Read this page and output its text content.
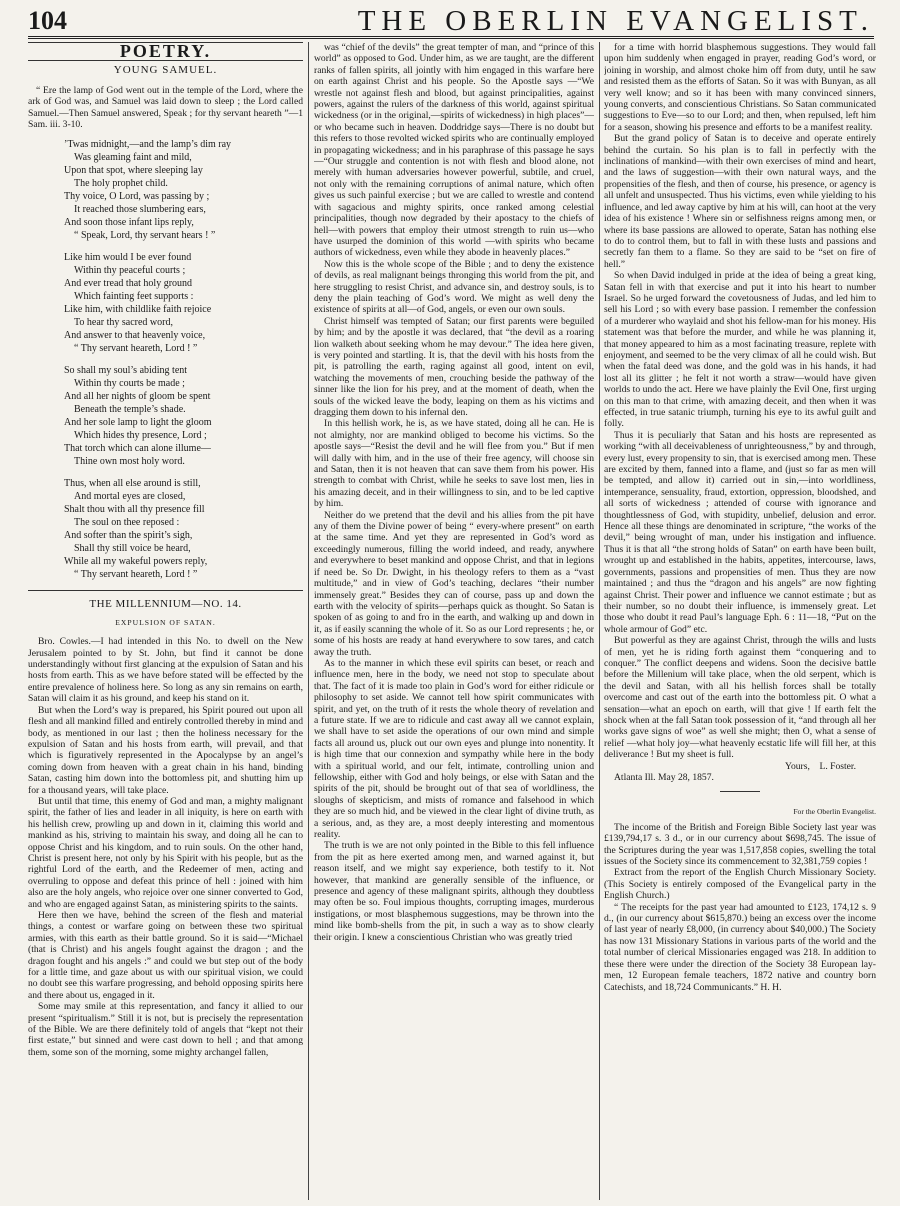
104	THE OBERLIN EVANGELIST.
POETRY.
YOUNG SAMUEL.
“ Ere the lamp of God went out in the temple of the Lord, where the ark of God was, and Samuel was laid down to sleep ; the Lord called Samuel.—Then Samuel answered, Speak ; for thy servant heareth ”—1 Sam. iii. 3-10.
’Twas midnight,—and the lamp’s dim ray
Was gleaming faint and mild,
Upon that spot, where sleeping lay
The holy prophet child.
Thy voice, O Lord, was passing by ;
It reached those slumbering ears,
And soon those infant lips reply,
“ Speak, Lord, thy servant hears ! ”
Like him would I be ever found
Within thy peaceful courts ;
And ever tread that holy ground
Which fainting feet supports :
Like him, with childlike faith rejoice
To hear thy sacred word,
And answer to that heavenly voice,
“ Thy servant heareth, Lord ! ”
So shall my soul’s abiding tent
Within thy courts be made ;
And all her nights of gloom be spent
Beneath the temple’s shade.
And her sole lamp to light the gloom
Which hides thy presence, Lord ;
That torch which can alone illume—
Thine own most holy word.
Thus, when all else around is still,
And mortal eyes are closed,
Shalt thou with all thy presence fill
The soul on thee reposed :
And softer than the spirit’s sigh,
Shall thy still voice be heard,
While all my wakeful powers reply,
“ Thy servant heareth, Lord ! ”
THE MILLENNIUM—NO. 14.
EXPULSION OF SATAN.

Bro. Cowles.—I had intended in this No. to dwell on the New Jerusalem pointed to by St. John, but find it cannot be done understandingly without first glancing at the expulsion of Satan and his hosts from earth. This as we have before stated will be effected by the entire prevalence of holiness here. So long as any sin remains on earth, Satan will claim it as his ground, and keep his stand on it.

But when the Lord’s way is prepared, his Spirit poured out upon all flesh and all mankind filled and entirely controlled thereby in mind and body, as mentioned in our last ; then the holiness necessary for the expulsion of Satan and his hosts from earth, will prevail, and that which is figuratively represented in the Apocalypse by an angel’s coming down from heaven with a great chain in his hand, binding Satan, casting him down into the bottomless pit, and shutting him up for a thousand years, will take place.

But until that time, this enemy of God and man, a mighty malignant spirit, the father of lies and leader in all iniquity, is here on earth with his hellish crew, prowling up and down in it, claiming this world and mankind as his, striving to maintain his sway, and doing all he can to oppose Christ and his kingdom, and to ruin souls. On the other hand, Christ is present here, not only by his Spirit with his people, but as the rightful Lord of the earth, and the Redeemer of men, acting and overruling to oppose and defeat this prince of hell : joined with him also are the holy angels, who rejoice over one sinner converted to God, and who are engaged against Satan, as ministering spirits to the saints.

Here then we have, behind the screen of the flesh and material things, a contest or warfare going on between these two spiritual armies, with this earth as their battle ground. So it is said—“Michael (that is Christ) and his angels fought against the dragon ; and the dragon fought and his angels :” and could we but step out of the body for a little time, and gaze about us with our spiritual vision, we could no doubt see this warfare progressing, and behold opposing spirits here and there about us, engaged in it.

Some may smile at this representation, and fancy it allied to our present “spiritualism.” Still it is not, but is precisely the representation of the Bible. We are there definitely told of angels that “kept not their first estate,” but sinned and were cast down to hell ; and that among them, some son of the morning, some mighty archangel fallen,

was “chief of the devils” the great tempter of man, and “prince of this world” as opposed to God. Under him, as we are taught, are the different ranks of fallen spirits, all jointly with him engaged in this warfare here on earth against Christ and his people. So the Apostle says —“We wrestle not against flesh and blood, but against principalities, against powers, against the rulers of the darkness of this world, against spiritual wickedness (or in the original,—spirits of wickedness) in high places”—or who became such in heaven. Doddridge says—There is no doubt but this refers to those revolted wicked spirits who are continually employed in propagating wickedness; and in his paraphrase of this passage he says—“Our struggle and contention is not with flesh and blood alone, not merely with human adversaries however powerful, subtile, and cruel, not only with the remaining corruptions of animal nature, which often gives us such painful exercise ; but we are called to wrestle and contend with sagacious and mighty spirits, once ranked among celestial principalities, though now degraded by their apostacy to the chiefs of hell—with powers that employ their utmost strength to ruin us—who have usurped the dominion of this world —with spirits who became authors of wickedness, even while they abode in heavenly places.”

Now this is the whole scope of the Bible ; and to deny the existence of devils, as real malignant beings thronging this world from the pit, and here struggling to resist Christ, and advance sin, and destroy souls, is to deny the plain teaching of God’s word. We might as well deny the existence of spirits at all—of God, angels, or even our own souls.

Christ himself was tempted of Satan; our first parents were beguiled by him; and by the apostle it was declared, that “the devil as a roaring lion walketh about seeking whom he may devour.” The idea here given, is very pointed and startling. It is, that the devil with his hosts from the pit, is patrolling the earth, raging against all good, intent on evil, watching the movements of men, crouching beside the pathway of the sinner like the lion for his prey, and at the moment of death, when the souls of the wicked leave the body, leaping on them as his victims and dragging them down to his infernal den.

In this hellish work, he is, as we have stated, doing all he can. He is not almighty, nor are mankind obliged to become his victims. So the apostle says—“Resist the devil and he will flee from you.” But if men will dally with him, and in the use of their free agency, will choose sin and Satan, then it is not heaven that can save them from his power. His strength to combat with Christ, while he seeks to save lost men, lies in his amazing deceit, and in their willingness to sin, and to be led captive by him.

Neither do we pretend that the devil and his allies from the pit have any of them the Divine power of being “ every-where present” on earth at the same time. And yet they are represented in God’s word as exceedingly numerous, filling the world indeed, and ready, anywhere and everywhere to beset mankind and oppose Christ, and that in legions if need be. So Dr. Dwight, in his theology refers to them as a “vast multitude,” and in view of God’s teaching, declares “their number immensely great.” Besides they can of course, pass up and down the earth with the velocity of spirits—perhaps quick as thought. So Satan is spoken of as going to and fro in the earth, and walking up and down in it, as if easily scanning the whole of it. So as our Lord represents ; he, or some of his hosts are ready at hand everywhere to sow tares, and catch away the truth.

As to the manner in which these evil spirits can beset, or reach and influence men, here in the body, we need not stop to speculate about that. The fact of it is made too plain in God’s word for either ridicule or philosophy to set aside. We cannot tell how spirit communicates with spirit, and yet, on the truth of it rests the whole theory of revelation and a future state. If we are to ridicule and cast away all we cannot explain, we shall have to set aside the operations of our own mind and simple facts all around us, pluck out our own eyes and plunge into nonentity. It is high time that our connexion and sympathy while here in the body with a spiritual world, and our felt, intimate, controlling union and fellowship, either with God and holy beings, or else with Satan and the spirits of the pit, should be brought out of that sea of worldliness, the sloughs of skepticism, and mists of romance and falsehood in which they are so much hid, and be viewed in the clear light of divine truth, as a serious, and, as they are, a most deeply interesting and momentous reality.

The truth is we are not only pointed in the Bible to this fell influence from the pit as here exerted among men, and warned against it, but reason itself, and we might say experience, both testify to it. Not however, that mankind are generally sensible of the influence, or presence and agency of these malignant spirits, although they doubtless may often be so. Foul impious thoughts, corrupting images, murderous instigations, or most blasphemous suggestions, may be thrown into the mind like bomb-shells from the pit, in such a way as to show clearly their origin. I knew a conscientious Christian who was greatly tried

for a time with horrid blasphemous suggestions. They would fall upon him suddenly when engaged in prayer, reading God’s word, or joining in worship, and almost choke him off from duty, until he saw and resisted them as the efforts of Satan. So it was with Bunyan, as all very well know; and so it has been with many convinced sinners, young converts, and conscientious Christians. So Satan communicated suggestions to Eve—so to our Lord; and then, when repulsed, left him for a season, showing his presence and efforts to be a manifest reality.

But the grand policy of Satan is to deceive and operate entirely behind the curtain. So his plan is to fall in perfectly with the inclinations of mankind—with their own exercises of mind and heart, and the laws of suggestion—with their own natural ways, and the propensities of the flesh, and then of course, his presence, or agency is all unfelt and unsuspected. Thus his victims, even while yielding to his influence, and led away captive by him at his will, can hoot at the very idea of his existence ! Where sin or selfishness reigns among men, or where its base passions are allowed to operate, Satan has nothing else to do to control them, but to fall in with these lusts and passions and secretly fan them to a flame. So they are said to be “set on fire of hell.”

So when David indulged in pride at the idea of being a great king, Satan fell in with that exercise and put it into his heart to number Israel. So he urged forward the covetousness of Judas, and led him to sell his Lord ; so with every base passion. I remember the confession of a murderer who waylaid and shot his fellow-man for his money. His statement was that before the murder, and while he was planning it, that money appeared to him as a most facinating treasure, replete with enjoyment, and seemed to be the very climax of all he could wish. But when the fatal deed was done, and the gold was in his hands, it had lost all its glitter ; he felt it not worth a straw—would have given worlds to undo the act. Here we have plainly the Evil One, first urging on this man to that crime, with amazing deceit, and then when it was effected, in true satanic triumph, turning his eye to its awful guilt and folly.

Thus it is peculiarly that Satan and his hosts are represented as working “with all deceivableness of unrighteousness,” by and through, every lust, every propensity to sin, that is exercised among men. These are excited by them, fanned into a flame, and (just so far as men will be tempted, and allow it) carried out in sin,—into worldliness, intemperance, sensuality, fraud, extortion, oppression, bloodshed, and all sorts of wickedness ; attended of course with ignorance and thoughtlessness of God, with stupidity, unbelief, delusion and error. Hence all these things are denominated in scripture, “the works of the devil,” being wrought of man, under his instigation and influence. Thus it is that all “the strong holds of Satan” on earth have been built, wrought up and established in the habits, appetites, intercourse, laws, governments, passions and propensities of men. Thus they are now maintained ; and thus the “dragon and his angels” are now fighting against Christ. Their power and influence we cannot estimate ; but as their number, so no doubt their influence, is immensely great. Let those who doubt it read Paul’s language Eph. 6 : 11—18, “Put on the whole armour of God” etc.

But powerful as they are against Christ, through the wills and lusts of men, yet he is riding forth against them “conquering and to conquer.” The conflict deepens and widens. Soon the decisive battle before the Millenium will take place, when the old serpent, which is the devil and Satan, with all his hellish forces shall be totally overcome and cast out of the earth into the bottomless pit. O what a sensation—what an epoch on earth, will that give ! If earth felt the shock when at the fall Satan took possession of it, “and through all her works gave signs of woe” as well she might; then O, what a sense of relief —what holy joy—what heavenly ecstatic life will fill her, at this deliverance ! But my sheet is full.

Yours, L. Foster.

Atlanta Ill. May 28, 1857.

For the Oberlin Evangelist.

The income of the British and Foreign Bible Society last year was £139,794,17 s. 3 d., or in our currency about $698,745. The issue of the Scriptures during the year was 1,517,858 copies, swelling the total issues of the Society since its commencement to 32,381,759 copies !

Extract from the report of the English Church Missionary Society. (This Society is entirely composed of the Evangelical party in the English Church.)

“ The receipts for the past year had amounted to £123, 174,12 s. 9 d., (in our currency about $615,870.) being an excess over the income of last year of nearly £8,000, (in currency about $40,000.) The Society has now 131 Missionary Stations in various parts of the world and the total number of clerical Missionaries engaged was 218. In addition to these there were under the direction of the Society 38 European lay-men, 12 European female teachers, 1872 native and country born Catechists, and 18,724 Communicants.” H. H.
